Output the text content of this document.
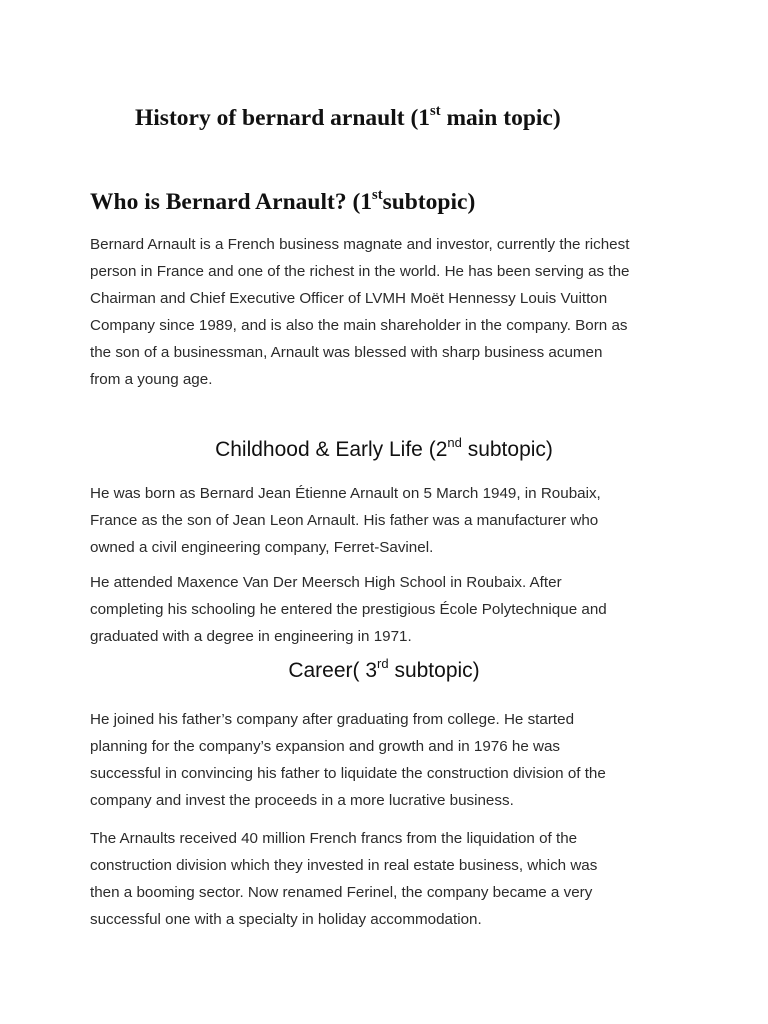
History of bernard arnault (1st main topic)
Who is Bernard Arnault? (1stsubtopic)

Bernard Arnault is a French business magnate and investor, currently the richest
person in France and one of the richest in the world. He has been serving as the
Chairman and Chief Executive Officer of LVMH Moët Hennessy Louis Vuitton
Company since 1989, and is also the main shareholder in the company. Born as
the son of a businessman, Arnault was blessed with sharp business acumen
from a young age.

Childhood & Early Life (2nd subtopic)

He was born as Bernard Jean Étienne Arnault on 5 March 1949, in Roubaix,
France as the son of Jean Leon Arnault. His father was a manufacturer who
owned a civil engineering company, Ferret-Savinel.

He attended Maxence Van Der Meersch High School in Roubaix. After
completing his schooling he entered the prestigious École Polytechnique and
graduated with a degree in engineering in 1971.

Career( 3rd subtopic)

He joined his father’s company after graduating from college. He started
planning for the company’s expansion and growth and in 1976 he was
successful in convincing his father to liquidate the construction division of the
company and invest the proceeds in a more lucrative business.

The Arnaults received 40 million French francs from the liquidation of the
construction division which they invested in real estate business, which was
then a booming sector. Now renamed Ferinel, the company became a very
successful one with a specialty in holiday accommodation.
